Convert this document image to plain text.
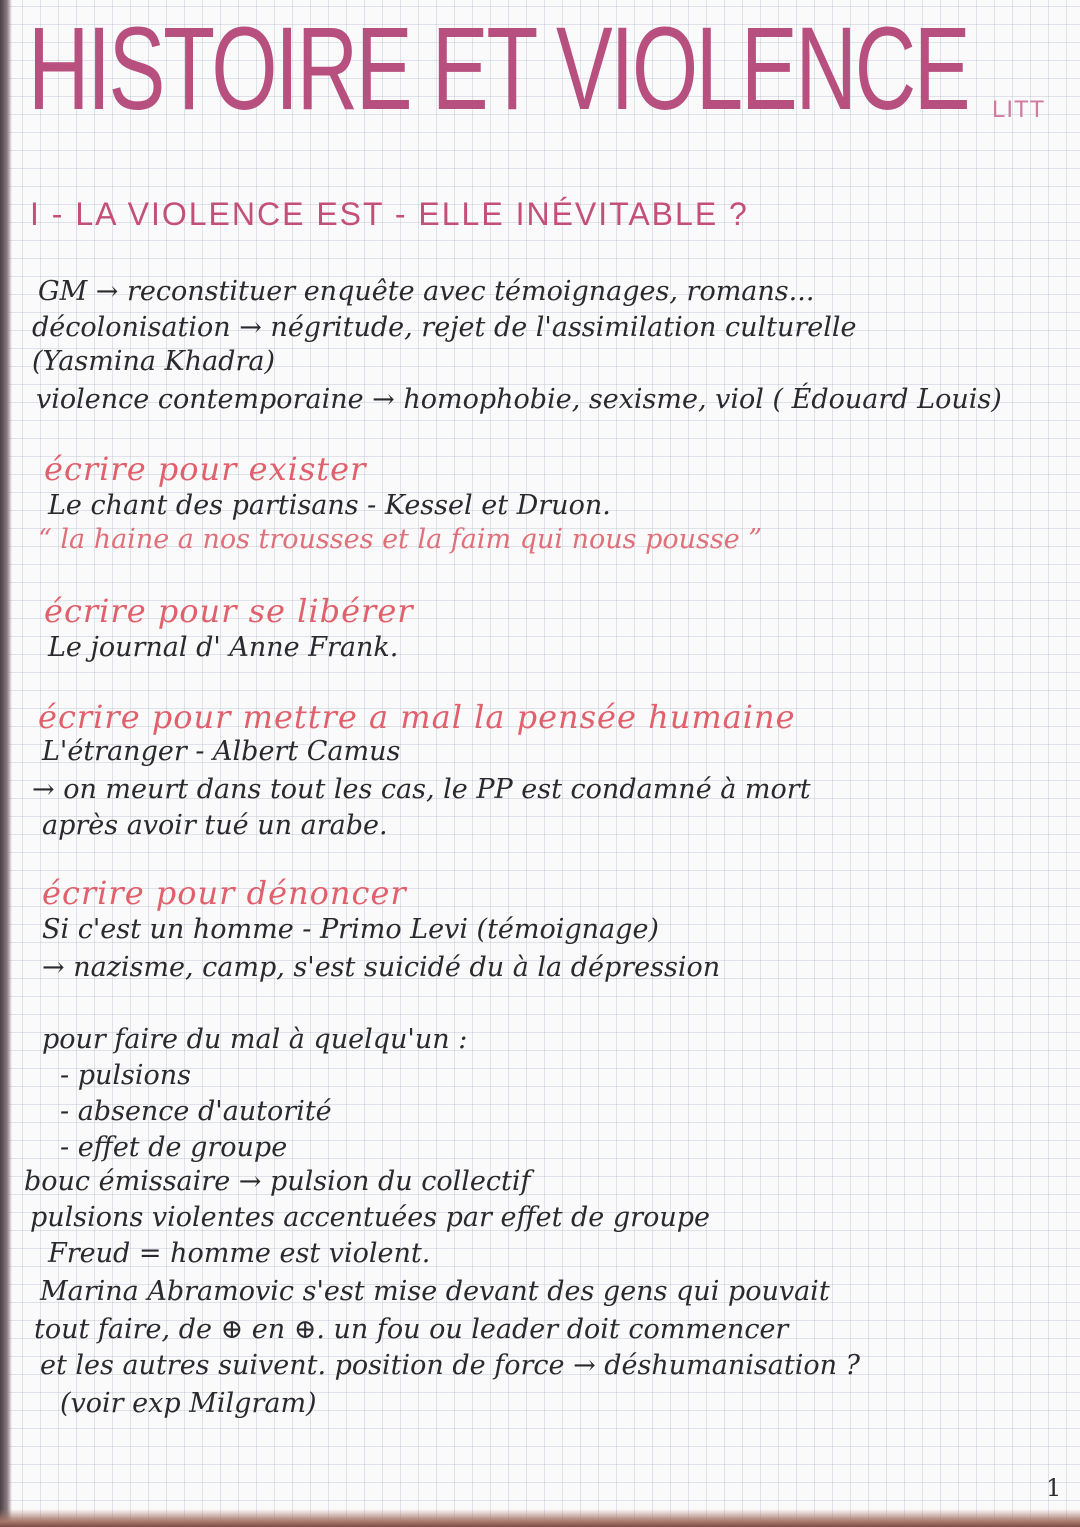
HISTOIRE ET VIOLENCE LITT
I - LA VIOLENCE EST - ELLE INÉVITABLE ?
GM → reconstituer enquête avec témoignages, romans...
décolonisation → négritude, rejet de l'assimilation culturelle
(Yasmina Khadra)
violence contemporaine → homophobie, sexisme, viol ( Édouard Louis)
écrire pour exister
Le chant des partisans - Kessel et Druon.
“ la haine a nos trousses et la faim qui nous pousse ”
écrire pour se libérer
Le journal d' Anne Frank.
écrire pour mettre a mal la pensée humaine
L'étranger - Albert Camus
→ on meurt dans tout les cas, le PP est condamné à mort
après avoir tué un arabe.
écrire pour dénoncer
Si c'est un homme - Primo Levi (témoignage)
→ nazisme, camp, s'est suicidé du à la dépression
pour faire du mal à quelqu'un :
- pulsions
- absence d'autorité
- effet de groupe
bouc émissaire → pulsion du collectif
pulsions violentes accentuées par effet de groupe
Freud = homme est violent.
Marina Abramovic s'est mise devant des gens qui pouvait
tout faire, de ⊕ en ⊕. un fou ou leader doit commencer
et les autres suivent. position de force → déshumanisation ?
(voir exp Milgram)
1
